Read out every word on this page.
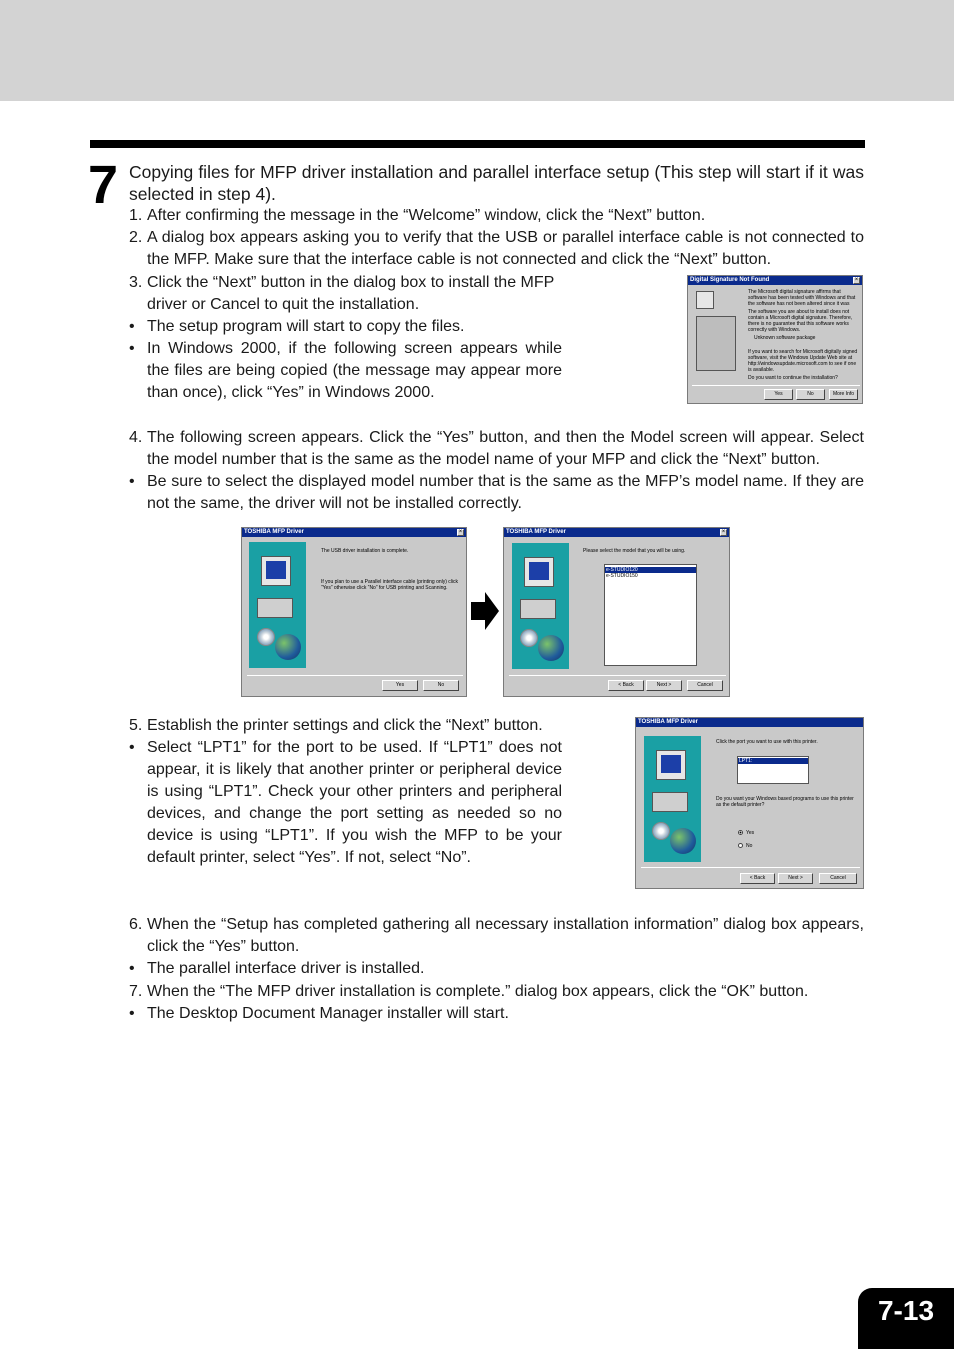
7 Copying files for MFP driver installation and parallel interface setup (This step will start if it was selected in step 4).
1. After confirming the message in the “Welcome” window, click the “Next” button.
2. A dialog box appears asking you to verify that the USB or parallel interface cable is not connected to the MFP. Make sure that the interface cable is not connected and click the “Next” button.
3. Click the “Next” button in the dialog box to install the MFP driver or Cancel to quit the installation.
• The setup program will start to copy the files.
• In Windows 2000, if the following screen appears while the files are being copied (the message may appear more than once), click “Yes” in Windows 2000.
Digital Signature Not Found	×
The Microsoft digital signature affirms that software has been tested with Windows and that the software has not been altered since it was
The software you are about to install does not contain a Microsoft digital signature. Therefore, there is no guarantee that this software works correctly with Windows.
Unknown software package
If you want to search for Microsoft digitally signed software, visit the Windows Update Web site at http://windowsupdate.microsoft.com to see if one is available.
Do you want to continue the installation?
Yes	No	More Info
4. The following screen appears. Click the “Yes” button, and then the Model screen will appear. Select the model number that is the same as the model name of your MFP and click the “Next” button.
• Be sure to select the displayed model number that is the same as the MFP’s model name. If they are not the same, the driver will not be installed correctly.
TOSHIBA MFP Driver	×
The USB driver installation is complete.
If you plan to use a Parallel interface cable (printing only) click “Yes” otherwise click “No” for USB printing and Scanning.
Yes	No
TOSHIBA MFP Driver	×
Please select the model that you will be using.
e-STUDIO120
e-STUDIO150
< Back	Next >	Cancel
5. Establish the printer settings and click the “Next” button.
• Select “LPT1” for the port to be used. If “LPT1” does not appear, it is likely that another printer or peripheral device is using “LPT1”. Check your other printers and peripheral devices, and change the port setting as needed so no device is using “LPT1”. If you wish the MFP to be your default printer, select “Yes”. If not, select “No”.
TOSHIBA MFP Driver
Click the port you want to use with this printer.
LPT1:
Do you want your Windows based programs to use this printer as the default printer?
Yes
No
< Back	Next >	Cancel
6. When the “Setup has completed gathering all necessary installation information” dialog box appears, click the “Yes” button.
• The parallel interface driver is installed.
7. When the “The MFP driver installation is complete.” dialog box appears, click the “OK” button.
• The Desktop Document Manager installer will start.
7-13
